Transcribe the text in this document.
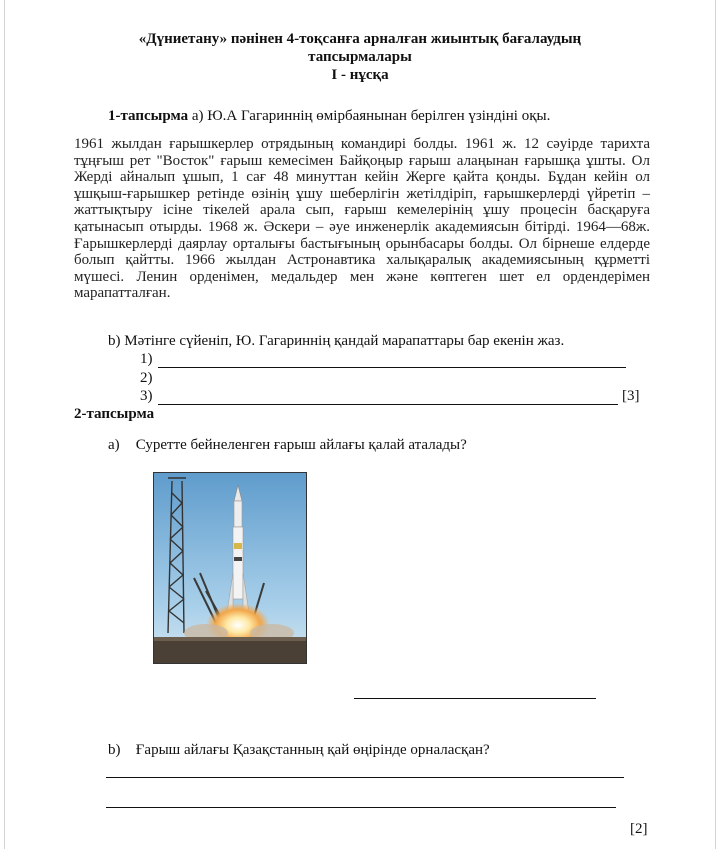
«Дүниетану» пәнінен 4-тоқсанға арналған жиынтық бағалаудың
тапсырмалары
I - нұсқа
1-тапсырма а) Ю.А Гагариннің өмірбаянынан берілген үзіндіні оқы.
1961 жылдан ғарышкерлер отрядының командирі болды. 1961 ж. 12 сәуірде тарихта тұңғыш рет "Восток" ғарыш кемесімен Байқоңыр ғарыш алаңынан ғарышқа ұшты. Ол Жерді айналып ұшып, 1 сағ 48 минуттан кейін Жерге қайта қонды. Бұдан кейін ол ұшқыш-ғарышкер ретінде өзінің ұшу шеберлігін жетілдіріп, ғарышкерлерді үйретіп – жаттықтыру ісіне тікелей арала сып, ғарыш кемелерінің ұшу процесін басқаруға қатынасып отырды. 1968 ж. Әскери – әуе инженерлік академиясын бітірді. 1964—68ж. Ғарышкерлерді даярлау орталығы бастығының орынбасары болды. Ол бірнеше елдерде болып қайтты. 1966 жылдан Астронавтика халықаралық академиясының құрметті мүшесі. Ленин орденімен, медальдер мен және көптеген шет ел ордендерімен марапатталған.
b) Мәтінге сүйеніп, Ю. Гагариннің қандай марапаттары бар екенін жаз.
1)
2)
3)	[3]
2-тапсырма
a) Суретте бейнеленген ғарыш айлағы қалай аталады?
b) Ғарыш айлағы Қазақстанның қай өңірінде орналасқан?
[2]
